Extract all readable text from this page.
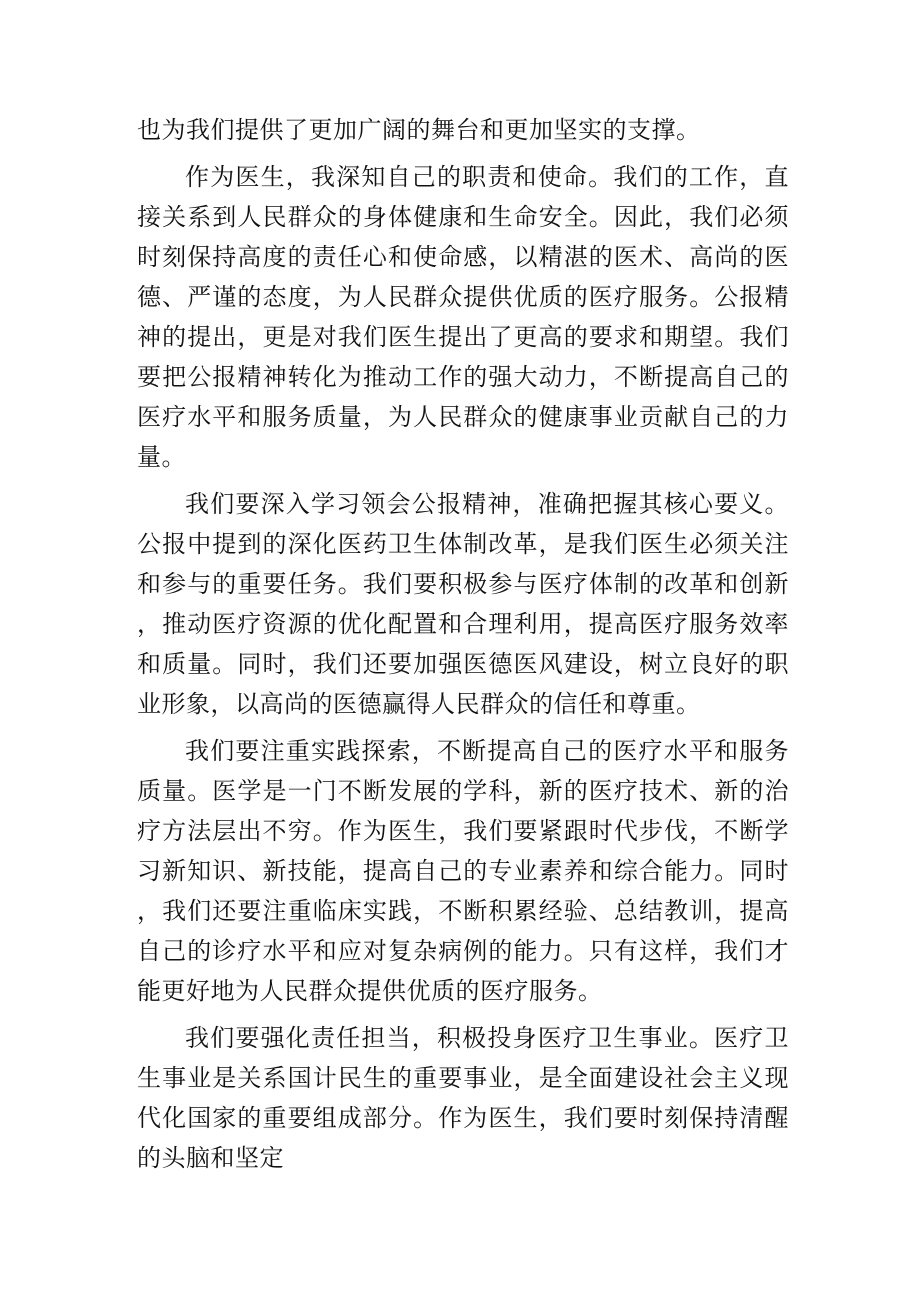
也为我们提供了更加广阔的舞台和更加坚实的支撑。

作为医生，我深知自己的职责和使命。我们的工作，直接关系到人民群众的身体健康和生命安全。因此，我们必须时刻保持高度的责任心和使命感，以精湛的医术、高尚的医德、严谨的态度，为人民群众提供优质的医疗服务。公报精神的提出，更是对我们医生提出了更高的要求和期望。我们要把公报精神转化为推动工作的强大动力，不断提高自己的医疗水平和服务质量，为人民群众的健康事业贡献自己的力量。

我们要深入学习领会公报精神，准确把握其核心要义。公报中提到的深化医药卫生体制改革，是我们医生必须关注和参与的重要任务。我们要积极参与医疗体制的改革和创新，推动医疗资源的优化配置和合理利用，提高医疗服务效率和质量。同时，我们还要加强医德医风建设，树立良好的职业形象，以高尚的医德赢得人民群众的信任和尊重。

我们要注重实践探索，不断提高自己的医疗水平和服务质量。医学是一门不断发展的学科，新的医疗技术、新的治疗方法层出不穷。作为医生，我们要紧跟时代步伐，不断学习新知识、新技能，提高自己的专业素养和综合能力。同时，我们还要注重临床实践，不断积累经验、总结教训，提高自己的诊疗水平和应对复杂病例的能力。只有这样，我们才能更好地为人民群众提供优质的医疗服务。

我们要强化责任担当，积极投身医疗卫生事业。医疗卫生事业是关系国计民生的重要事业，是全面建设社会主义现代化国家的重要组成部分。作为医生，我们要时刻保持清醒的头脑和坚定
